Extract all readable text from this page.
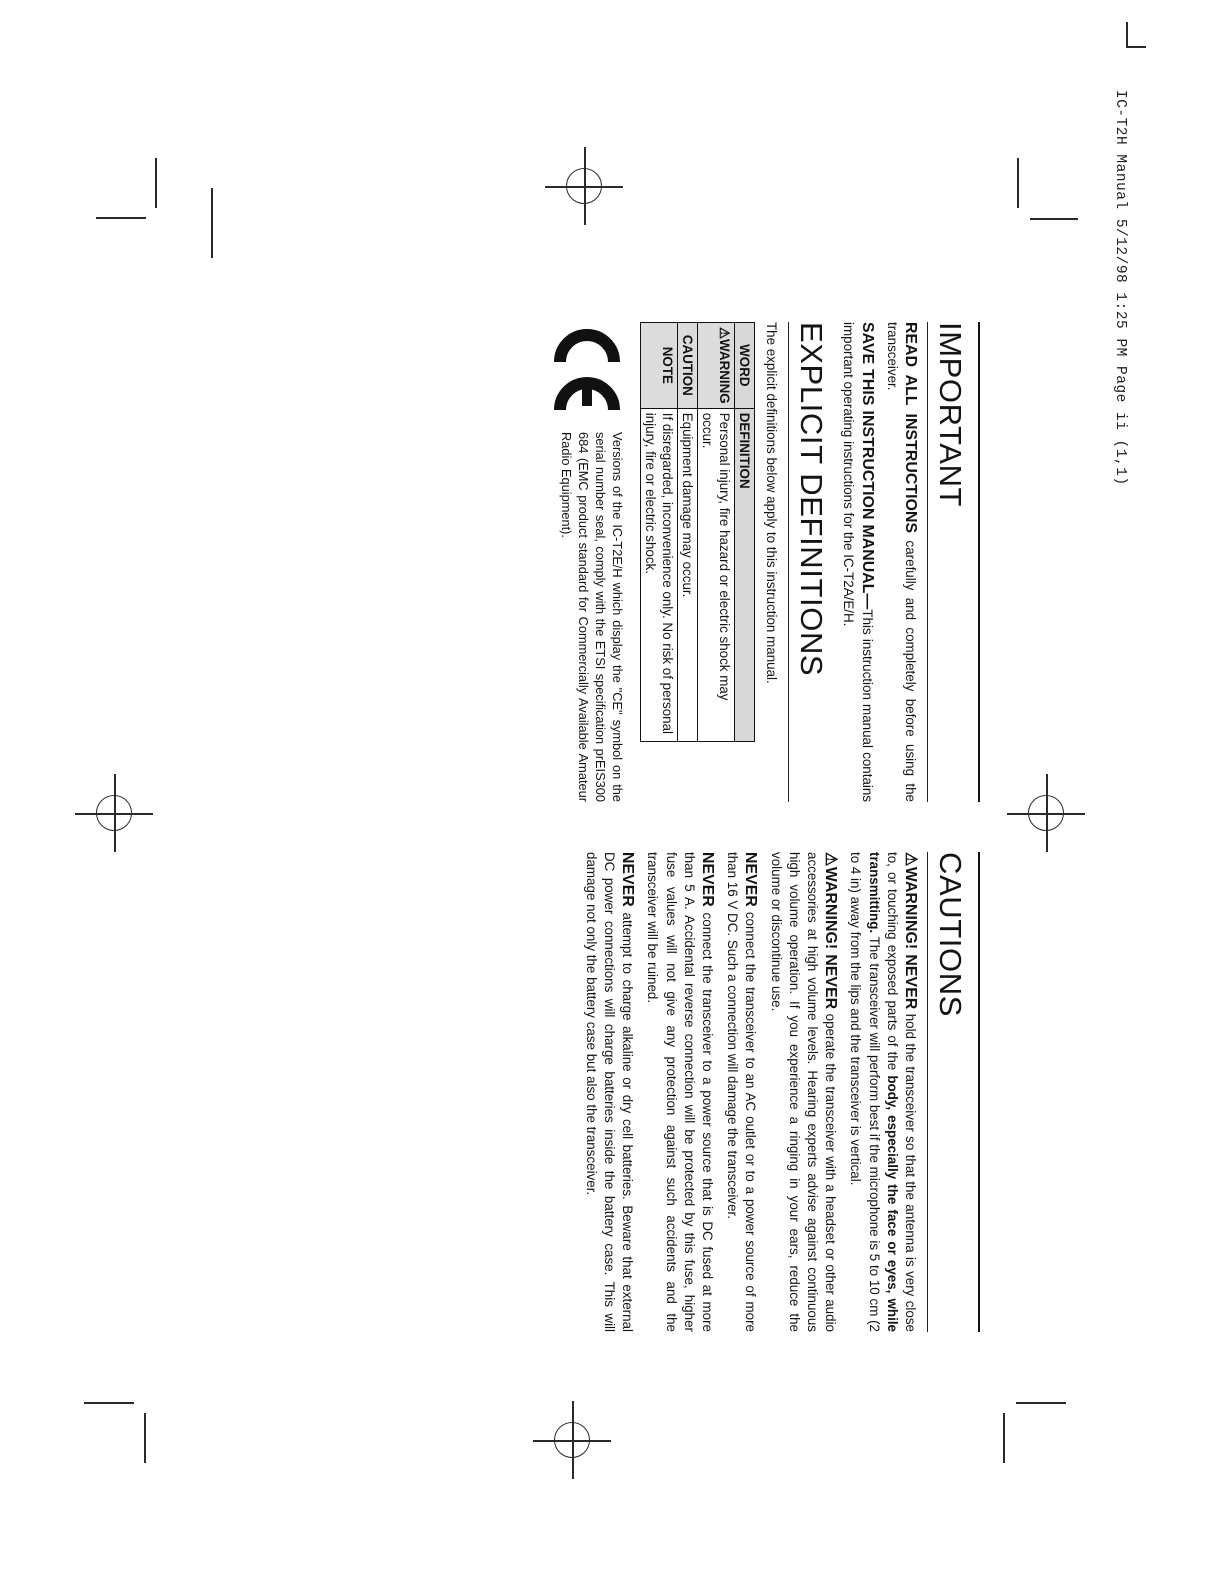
IC-T2H Manual 5/12/98 1:25 PM Page ii (1,1)
IMPORTANT

READ ALL INSTRUCTIONS carefully and completely before using the transceiver.

SAVE THIS INSTRUCTION MANUAL—This instruction manual contains important operating instructions for the IC-T2A/E/H.

EXPLICIT DEFINITIONS

The explicit definitions below apply to this instruction manual.

WORD	DEFINITION
⚠WARNING	Personal injury, fire hazard or electric shock may occur.
CAUTION	Equipment damage may occur.
NOTE	If disregarded, inconvenience only. No risk of personal injury, fire or electric shock.
Versions of the IC-T2E/H which display the "CE" symbol on the serial number seal, comply with the ETSI specification prEIS300 684 (EMC product standard for Commercially Available Amateur Radio Equipment).
CAUTIONS

⚠WARNING! NEVER hold the transceiver so that the antenna is very close to, or touching exposed parts of the body, especially the face or eyes, while transmitting. The transceiver will perform best if the microphone is 5 to 10 cm (2 to 4 in) away from the lips and the transceiver is vertical.

⚠WARNING! NEVER operate the transceiver with a headset or other audio accessories at high volume levels. Hearing experts advise against continuous high volume operation. If you experience a ringing in your ears, reduce the volume or discontinue use.

NEVER connect the transceiver to an AC outlet or to a power source of more than 16 V DC. Such a connection will damage the transceiver.

NEVER connect the transceiver to a power source that is DC fused at more than 5 A. Accidental reverse connection will be protected by this fuse, higher fuse values will not give any protection against such accidents and the transceiver will be ruined.

NEVER attempt to charge alkaline or dry cell batteries. Beware that external DC power connections will charge batteries inside the battery case. This will damage not only the battery case but also the transceiver.
